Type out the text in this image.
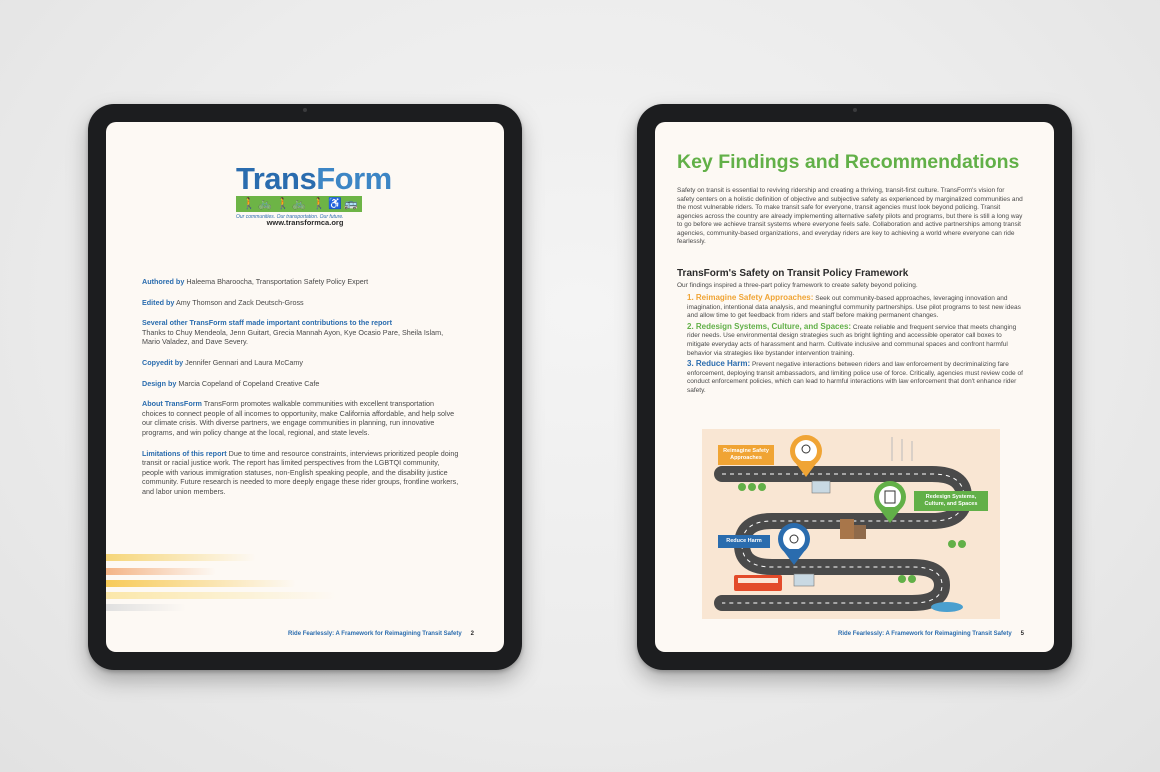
TransForm
🚶 🚲 🚶 🚲 🚶 ♿ 🚌
Our communities. Our transportation. Our future.
www.transformca.org

Authored by Haleema Bharoocha, Transportation Safety Policy Expert

Edited by Amy Thomson and Zack Deutsch-Gross

Several other TransForm staff made important contributions to the report
Thanks to Chuy Mendeola, Jenn Guitart, Grecia Mannah Ayon, Kye Ocasio Pare, Sheila Islam, Mario Valadez, and Dave Severy.

Copyedit by Jennifer Gennari and Laura McCamy

Design by Marcia Copeland of Copeland Creative Cafe

About TransForm TransForm promotes walkable communities with excellent transportation choices to connect people of all incomes to opportunity, make California affordable, and help solve our climate crisis. With diverse partners, we engage communities in planning, run innovative programs, and win policy change at the local, regional, and state levels.

Limitations of this report Due to time and resource constraints, interviews prioritized people doing transit or racial justice work. The report has limited perspectives from the LGBTQI community, people with various immigration statuses, non-English speaking people, and the disability justice community. Future research is needed to more deeply engage these rider groups, frontline workers, and labor union members.

Ride Fearlessly: A Framework for Reimagining Transit Safety 2
Key Findings and Recommendations
Safety on transit is essential to reviving ridership and creating a thriving, transit-first culture. TransForm's vision for safety centers on a holistic definition of objective and subjective safety as experienced by marginalized communities and the most vulnerable riders. To make transit safe for everyone, transit agencies must look beyond policing. Transit agencies across the country are already implementing alternative safety pilots and programs, but there is still a long way to go before we achieve transit systems where everyone feels safe. Collaboration and active partnerships among transit agencies, community-based organizations, and everyday riders are key to achieving a world where everyone can ride fearlessly.
TransForm's Safety on Transit Policy Framework
Our findings inspired a three-part policy framework to create safety beyond policing.

1. Reimagine Safety Approaches: Seek out community-based approaches, leveraging innovation and imagination, intentional data analysis, and meaningful community partnerships. Use pilot programs to test new ideas and allow time to get feedback from riders and staff before making permanent changes.

2. Redesign Systems, Culture, and Spaces: Create reliable and frequent service that meets changing rider needs. Use environmental design strategies such as bright lighting and accessible operator call boxes to mitigate everyday acts of harassment and harm. Cultivate inclusive and communal spaces and confront harmful behavior via strategies like bystander intervention training.

3. Reduce Harm: Prevent negative interactions between riders and law enforcement by decriminalizing fare enforcement, deploying transit ambassadors, and limiting police use of force. Critically, agencies must review code of conduct enforcement policies, which can lead to harmful interactions with law enforcement that don't enhance rider safety.

Reimagine Safety Approaches
Redesign Systems, Culture, and Spaces
Reduce Harm
Ride Fearlessly: A Framework for Reimagining Transit Safety 5
